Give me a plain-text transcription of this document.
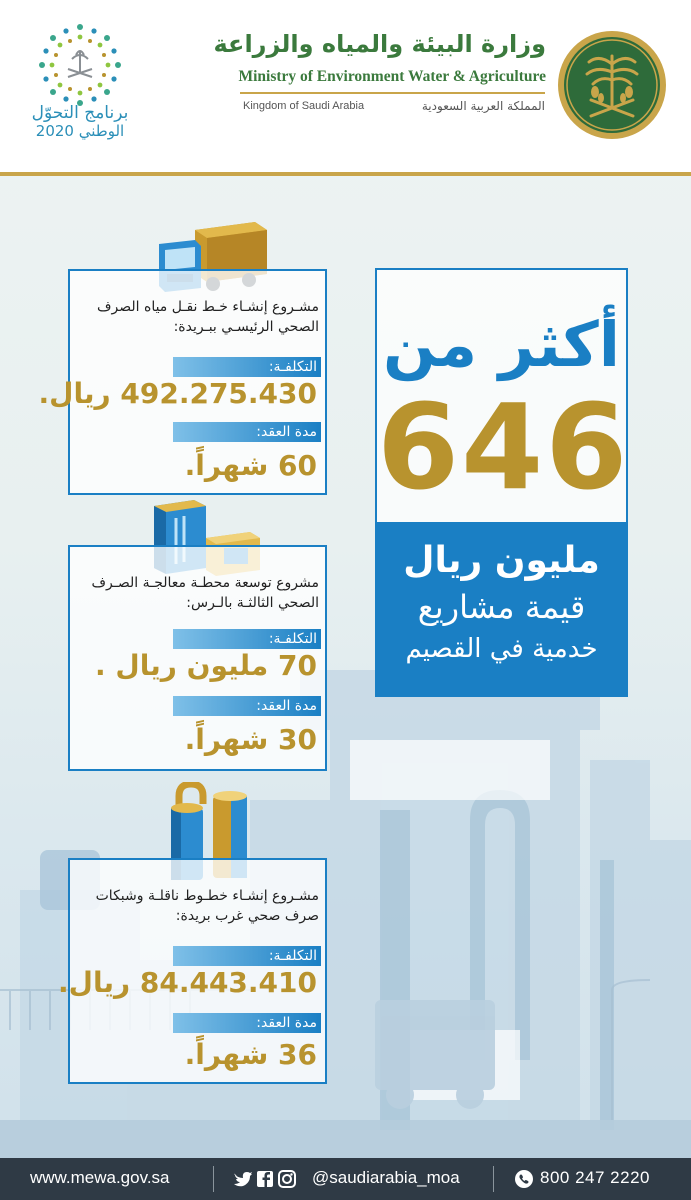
برنامج التحوّل
الوطني 2020
وزارة البيئة والمياه والزراعة
Ministry of Environment Water & Agriculture
Kingdom of Saudi Arabia	المملكة العربية السعودية
أكثر من
646
مليون ريال
قيمة مشاريع
خدمية في القصيم
مشـروع إنشـاء خـط نقـل مياه الصرف الصحي الرئيسـي ببـريدة:
التكلفـة:
492.275.430 ريال.
مدة العقد:
60 شهراً.
مشروع توسعة محطـة معالجـة الصـرف الصحي الثالثـة بالـرس:
التكلفـة:
70 مليون ريال .
مدة العقد:
30 شهراً.
مشـروع إنشـاء خطـوط ناقلـة وشبكات صرف صحي غرب بريدة:
التكلفـة:
84.443.410 ريال.
مدة العقد:
36 شهراً.
www.mewa.gov.sa	@saudiarabia_moa	800 247 2220
